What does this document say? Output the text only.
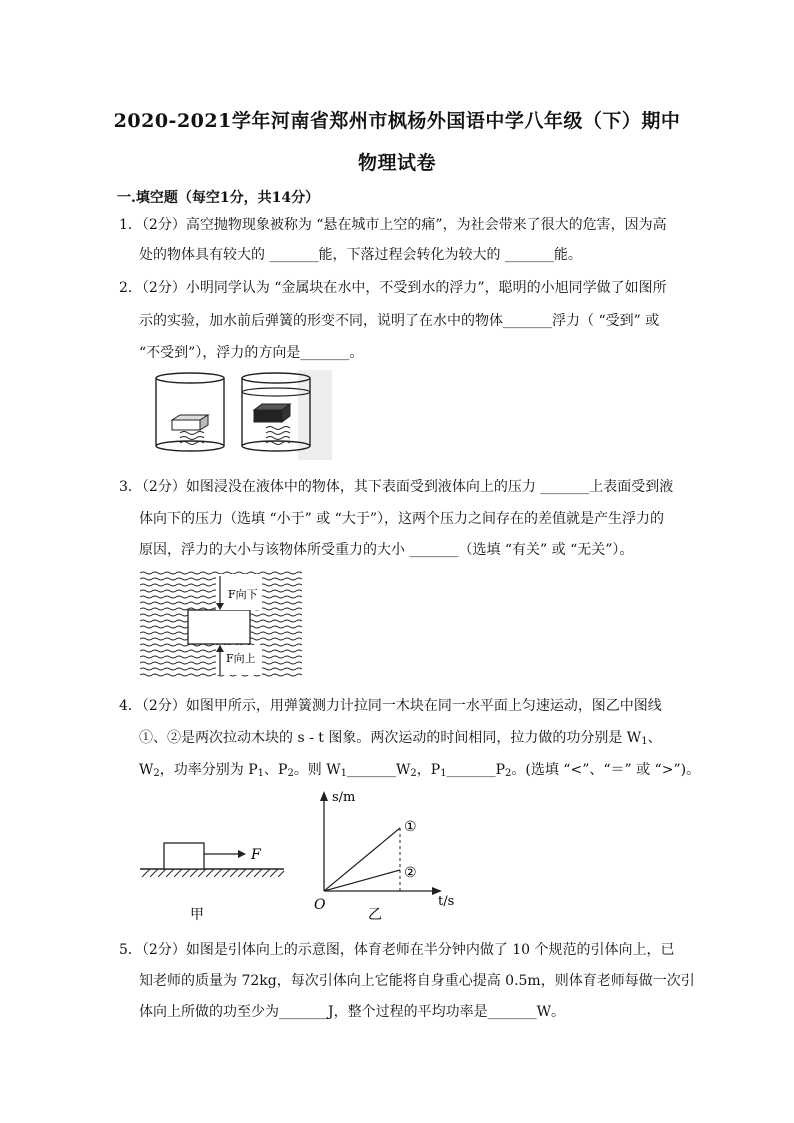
2020-2021学年河南省郑州市枫杨外国语中学八年级（下）期中
物理试卷
一.填空题（每空1分，共14分）
1．（2分）高空抛物现象被称为 “悬在城市上空的痛”，为社会带来了很大的危害，因为高
处的物体具有较大的 _______能，下落过程会转化为较大的 _______能。
2．（2分）小明同学认为 “金属块在水中，不受到水的浮力”，聪明的小旭同学做了如图所
示的实验，加水前后弹簧的形变不同，说明了在水中的物体_______浮力（ “受到” 或
“不受到”），浮力的方向是_______。
3．（2分）如图浸没在液体中的物体，其下表面受到液体向上的压力 _______上表面受到液
体向下的压力（选填 “小于” 或 “大于”），这两个压力之间存在的差值就是产生浮力的
原因，浮力的大小与该物体所受重力的大小 _______（选填 “有关” 或 “无关”）。
F向下
F向上
4．（2分）如图甲所示，用弹簧测力计拉同一木块在同一水平面上匀速运动，图乙中图线
①、②是两次拉动木块的 s - t 图象。两次运动的时间相同，拉力做的功分别是 $W_1$、
$W_2$，功率分别为 $P_1$、$P_2$。则 $W_1\_\_\_\_\_\_\_W_2$，$P_1\_\_\_\_\_\_\_P_2$。(选填 “<”、“＝” 或 “>”)。
F
甲
s/m
t/s
O
①
②
乙
5．（2分）如图是引体向上的示意图，体育老师在半分钟内做了 10 个规范的引体向上，已
知老师的质量为 72kg，每次引体向上它能将自身重心提高 0.5m，则体育老师每做一次引
体向上所做的功至少为_______J，整个过程的平均功率是_______W。
